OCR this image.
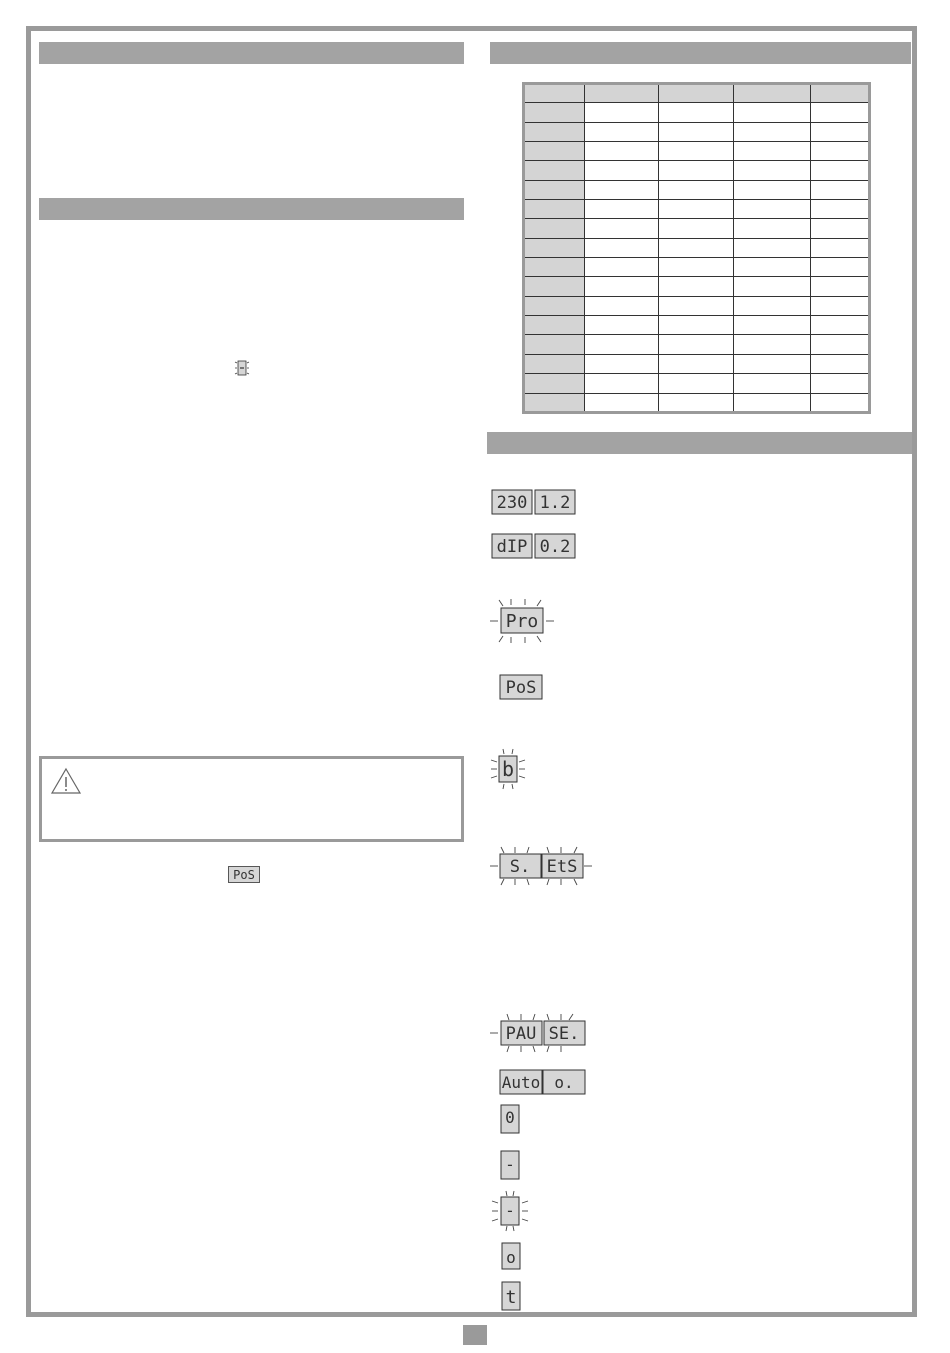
PoS
230 1.2
dIP 0.2
Pro
PoS
b
S. EtS
PAU SE.
Auto o.
0
-
-
o
t
